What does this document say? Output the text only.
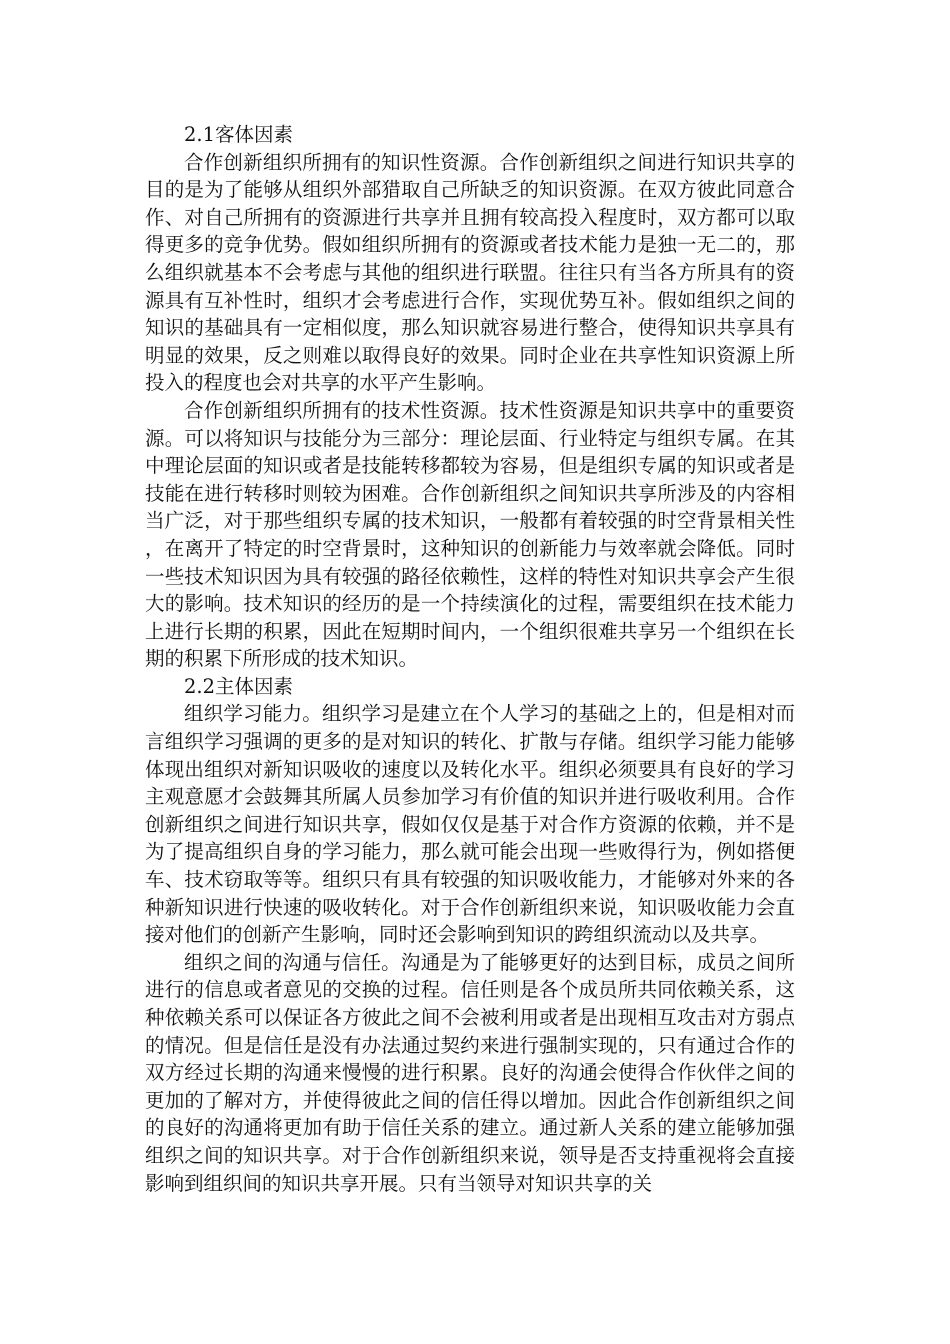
2.1客体因素

合作创新组织所拥有的知识性资源。合作创新组织之间进行知识共享的目的是为了能够从组织外部猎取自己所缺乏的知识资源。在双方彼此同意合作、对自己所拥有的资源进行共享并且拥有较高投入程度时，双方都可以取得更多的竞争优势。假如组织所拥有的资源或者技术能力是独一无二的，那么组织就基本不会考虑与其他的组织进行联盟。往往只有当各方所具有的资源具有互补性时，组织才会考虑进行合作，实现优势互补。假如组织之间的知识的基础具有一定相似度，那么知识就容易进行整合，使得知识共享具有明显的效果，反之则难以取得良好的效果。同时企业在共享性知识资源上所投入的程度也会对共享的水平产生影响。

合作创新组织所拥有的技术性资源。技术性资源是知识共享中的重要资源。可以将知识与技能分为三部分：理论层面、行业特定与组织专属。在其中理论层面的知识或者是技能转移都较为容易，但是组织专属的知识或者是技能在进行转移时则较为困难。合作创新组织之间知识共享所涉及的内容相当广泛，对于那些组织专属的技术知识，一般都有着较强的时空背景相关性，在离开了特定的时空背景时，这种知识的创新能力与效率就会降低。同时一些技术知识因为具有较强的路径依赖性，这样的特性对知识共享会产生很大的影响。技术知识的经历的是一个持续演化的过程，需要组织在技术能力上进行长期的积累，因此在短期时间内，一个组织很难共享另一个组织在长期的积累下所形成的技术知识。

2.2主体因素

组织学习能力。组织学习是建立在个人学习的基础之上的，但是相对而言组织学习强调的更多的是对知识的转化、扩散与存储。组织学习能力能够体现出组织对新知识吸收的速度以及转化水平。组织必须要具有良好的学习主观意愿才会鼓舞其所属人员参加学习有价值的知识并进行吸收利用。合作创新组织之间进行知识共享，假如仅仅是基于对合作方资源的依赖，并不是为了提高组织自身的学习能力，那么就可能会出现一些败得行为，例如搭便车、技术窃取等等。组织只有具有较强的知识吸收能力，才能够对外来的各种新知识进行快速的吸收转化。对于合作创新组织来说，知识吸收能力会直接对他们的创新产生影响，同时还会影响到知识的跨组织流动以及共享。

组织之间的沟通与信任。沟通是为了能够更好的达到目标，成员之间所进行的信息或者意见的交换的过程。信任则是各个成员所共同依赖关系，这种依赖关系可以保证各方彼此之间不会被利用或者是出现相互攻击对方弱点的情况。但是信任是没有办法通过契约来进行强制实现的，只有通过合作的双方经过长期的沟通来慢慢的进行积累。良好的沟通会使得合作伙伴之间的更加的了解对方，并使得彼此之间的信任得以增加。因此合作创新组织之间的良好的沟通将更加有助于信任关系的建立。通过新人关系的建立能够加强组织之间的知识共享。对于合作创新组织来说，领导是否支持重视将会直接影响到组织间的知识共享开展。只有当领导对知识共享的关
